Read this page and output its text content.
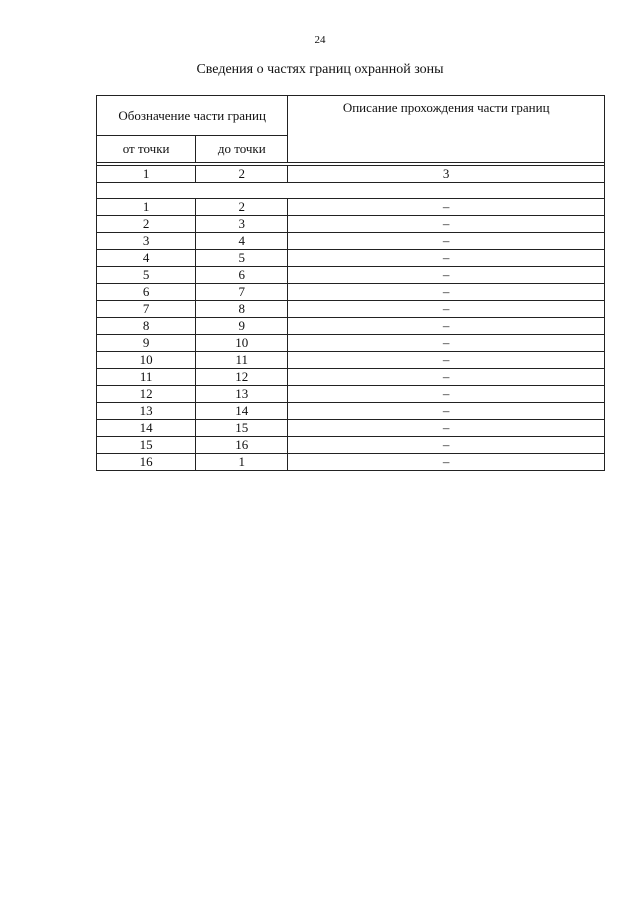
24
Сведения о частях границ охранной зоны
Обозначение части границ		Описание прохождения части границ
от точки	до точки	

1	2	3

1	2	–
2	3	–
3	4	–
4	5	–
5	6	–
6	7	–
7	8	–
8	9	–
9	10	–
10	11	–
11	12	–
12	13	–
13	14	–
14	15	–
15	16	–
16	1	–
